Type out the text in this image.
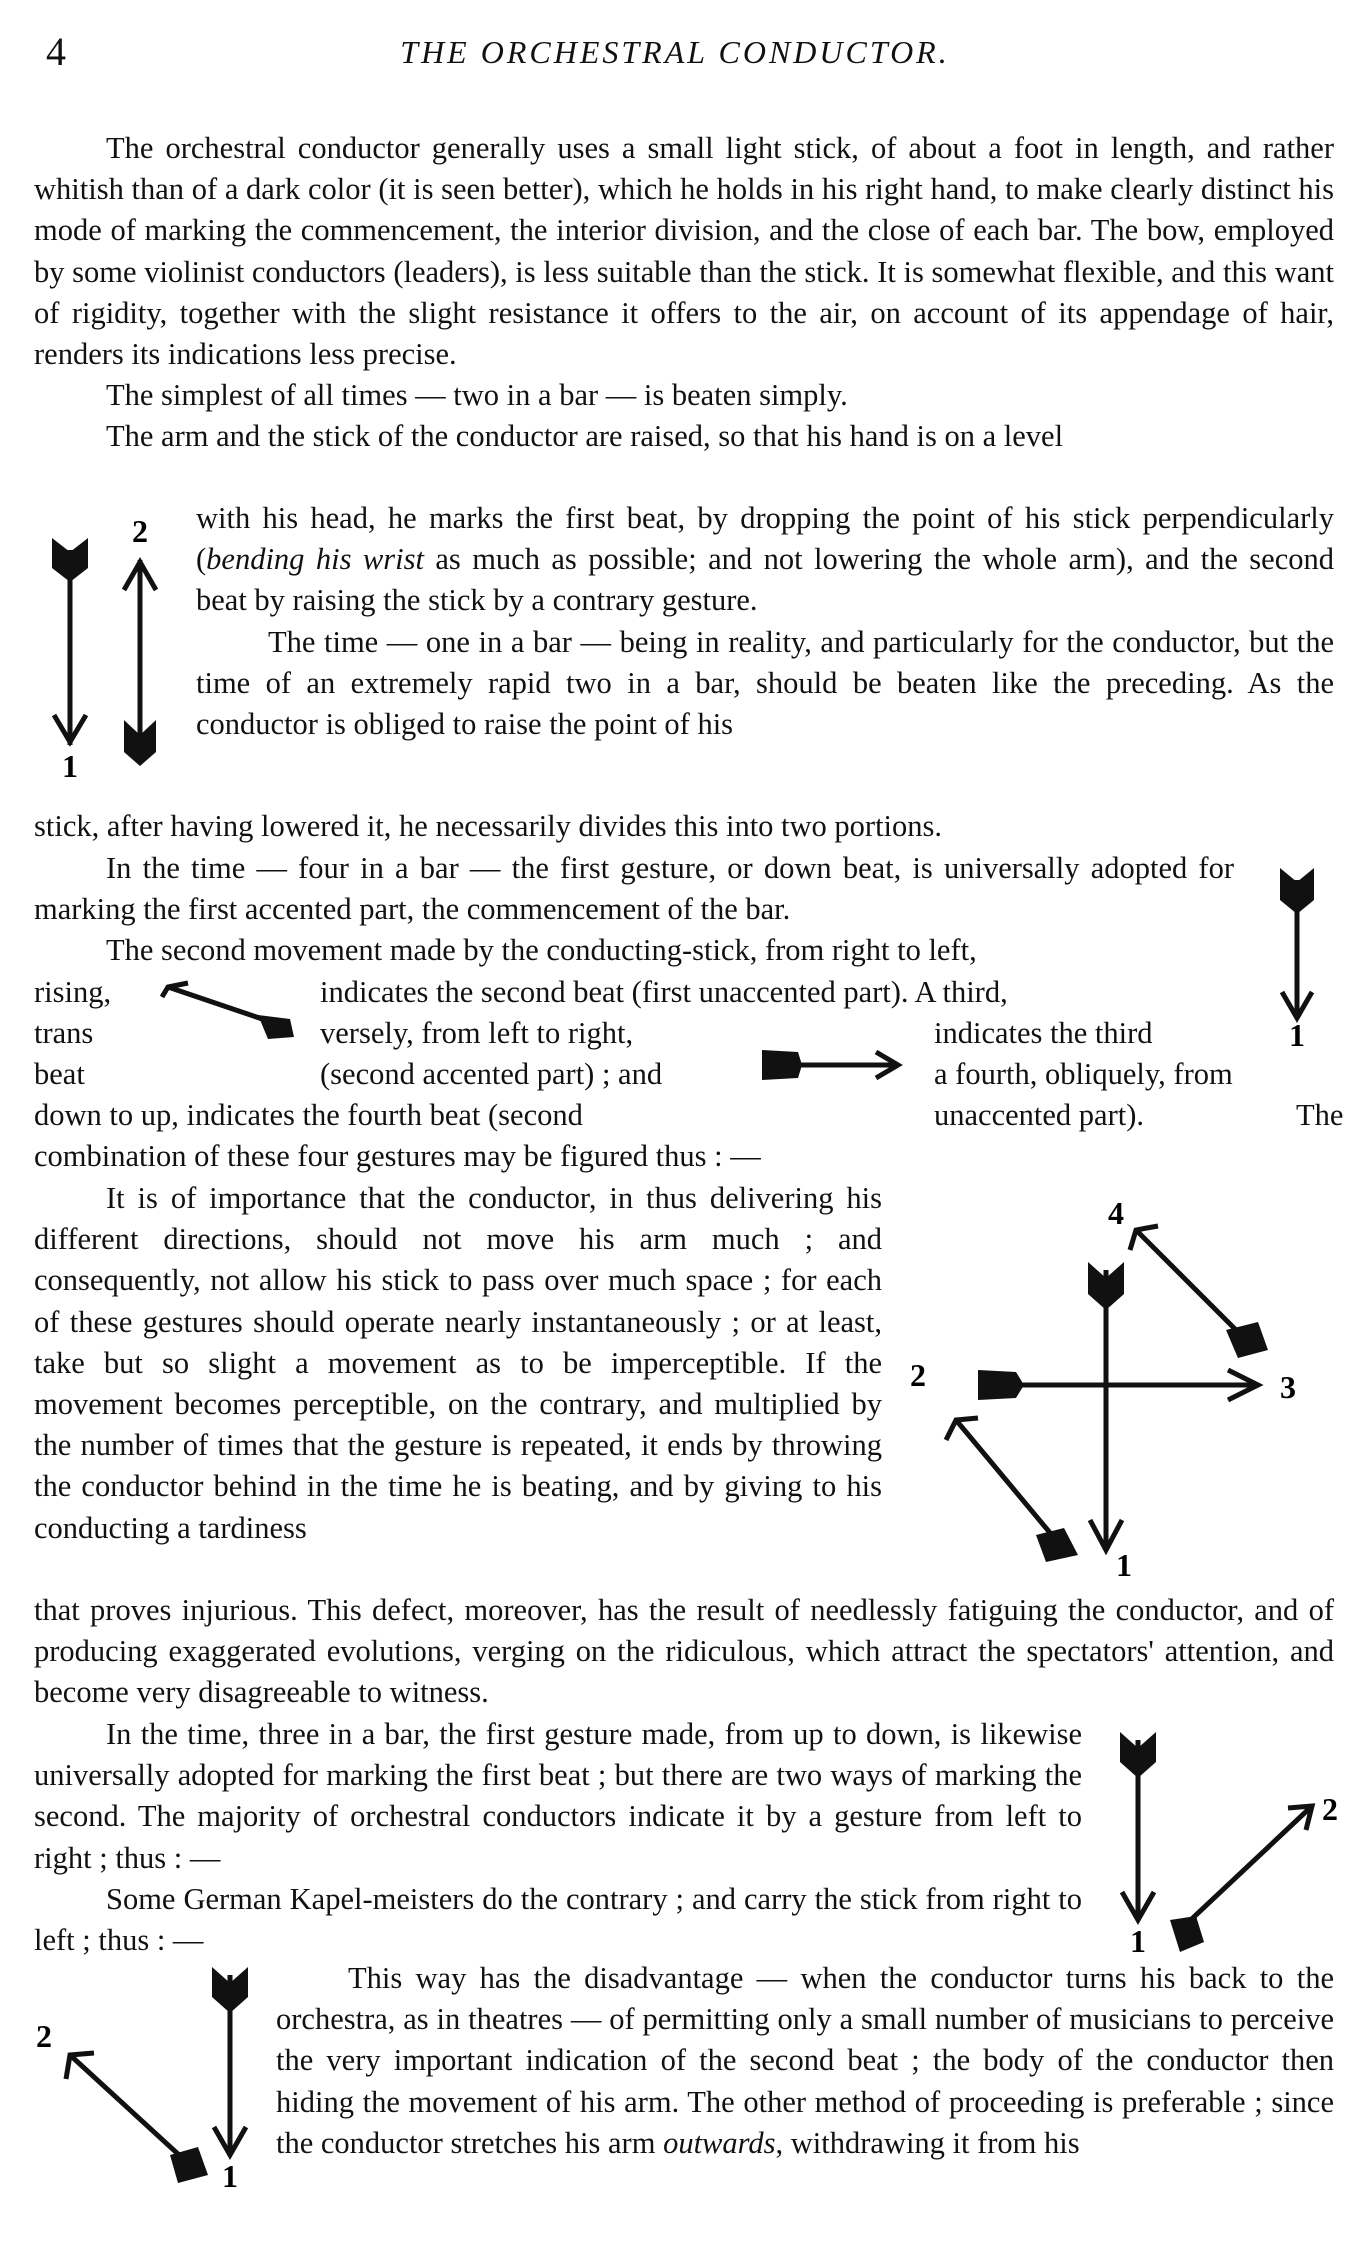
4	THE ORCHESTRAL CONDUCTOR.

The orchestral conductor generally uses a small light stick, of about a foot in length, and rather whitish than of a dark color (it is seen better), which he holds in his right hand, to make clearly distinct his mode of marking the commencement, the interior division, and the close of each bar. The bow, employed by some violinist conductors (leaders), is less suitable than the stick. It is somewhat flexible, and this want of rigidity, together with the slight resistance it offers to the air, on account of its appendage of hair, renders its indications less precise.

The simplest of all times — two in a bar — is beaten simply.

The arm and the stick of the conductor are raised, so that his hand is on a level

1
2 with his head, he marks the first beat, by dropping the point of his stick perpendicularly (bending his wrist as much as possible; and not lowering the whole arm), and the second beat by raising the stick by a contrary gesture.

The time — one in a bar — being in reality, and particularly for the conductor, but the time of an extremely rapid two in a bar, should be beaten like the preceding. As the conductor is obliged to raise the point of his

stick, after having lowered it, he necessarily divides this into two portions.

In the time — four in a bar — the first gesture, or down beat, is universally adopted for marking the first accented part, the commencement of the bar.

The second movement made by the conducting-stick, from right to left,

1
rising,	indicates the second beat (first unaccented part). A third,
trans	versely, from left to right,	indicates the third
beat	(second accented part) ; and	a fourth, obliquely, from
down to up, indicates the fourth beat (second	unaccented part).	The
combination of these four gestures may be figured thus : —

It is of importance that the conductor, in thus delivering his different directions, should not move his arm much ; and consequently, not allow his stick to pass over much space ; for each of these gestures should operate nearly instantaneously ; or at least, take but so slight a movement as to be imperceptible. If the movement becomes perceptible, on the contrary, and multiplied by the number of times that the gesture is repeated, it ends by throwing the conductor behind in the time he is beating, and by giving to his conducting a tardiness

1
2	3
4

that proves injurious. This defect, moreover, has the result of needlessly fatiguing the conductor, and of producing exaggerated evolutions, verging on the ridiculous, which attract the spectators' attention, and become very disagreeable to witness.

In the time, three in a bar, the first gesture made, from up to down, is likewise universally adopted for marking the first beat ; but there are two ways of marking the second. The majority of orchestral conductors indicate it by a gesture from left to right ; thus : —

Some German Kapel-meisters do the contrary ; and carry the stick from right to left ; thus : —	1
2
1
2

This way has the disadvantage — when the conductor turns his back to the orchestra, as in theatres — of permitting only a small number of musicians to perceive the very important indication of the second beat ; the body of the conductor then hiding the movement of his arm. The other method of proceeding is preferable ; since the conductor stretches his arm outwards, withdrawing it from his
